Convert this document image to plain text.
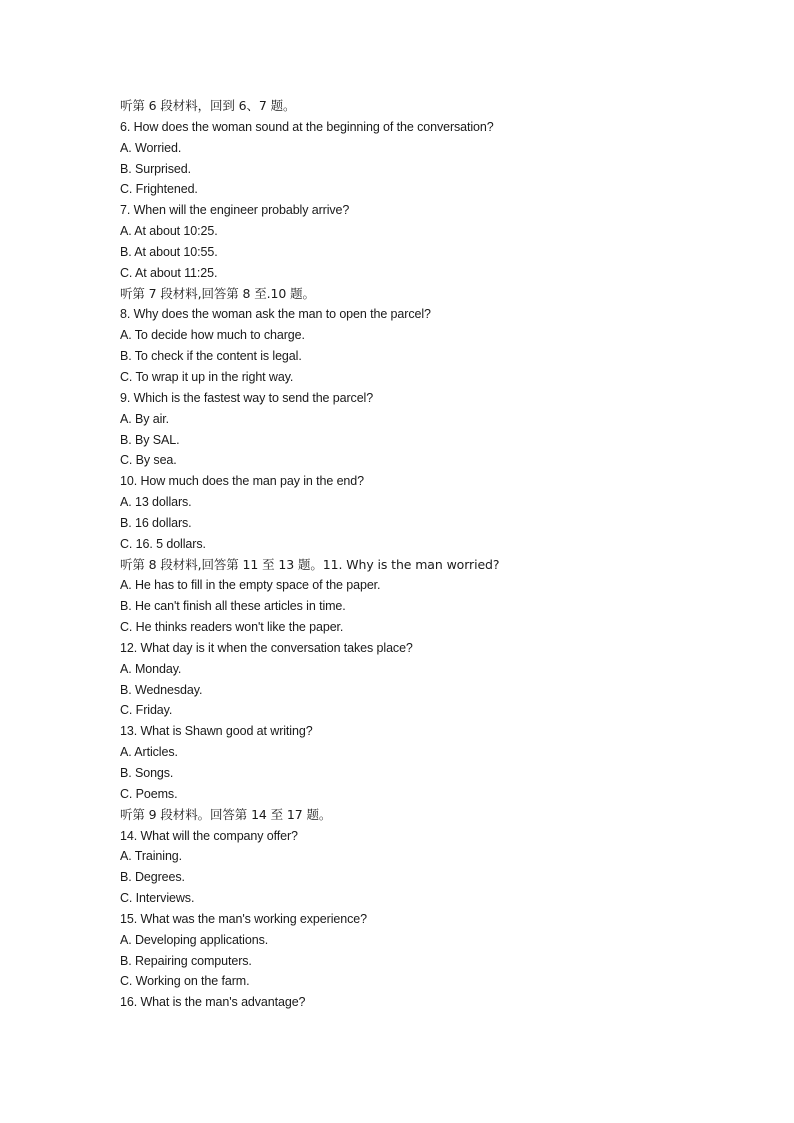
听第 6 段材料，回到 6、7 题。
6. How does the woman sound at the beginning of the conversation?
A. Worried.
B. Surprised.
C. Frightened.
7. When will the engineer probably arrive?
A. At about 10:25.
B. At about 10:55.
C. At about 11:25.
听第 7 段材料,回答第 8 至.10 题。
8. Why does the woman ask the man to open the parcel?
A. To decide how much to charge.
B. To check if the content is legal.
C. To wrap it up in the right way.
9. Which is the fastest way to send the parcel?
A. By air.
B. By SAL.
C. By sea.
10. How much does the man pay in the end?
A. 13 dollars.
B. 16 dollars.
C. 16. 5 dollars.
听第 8 段材料,回答第 11 至 13 题。11. Why is the man worried?
A. He has to fill in the empty space of the paper.
B. He can't finish all these articles in time.
C. He thinks readers won't like the paper.
12. What day is it when the conversation takes place?
A. Monday.
B. Wednesday.
C. Friday.
13. What is Shawn good at writing?
A. Articles.
B. Songs.
C. Poems.
听第 9 段材料。回答第 14 至 17 题。
14. What will the company offer?
A. Training.
B. Degrees.
C. Interviews.
15. What was the man's working experience?
A. Developing applications.
B. Repairing computers.
C. Working on the farm.
16. What is the man's advantage?
